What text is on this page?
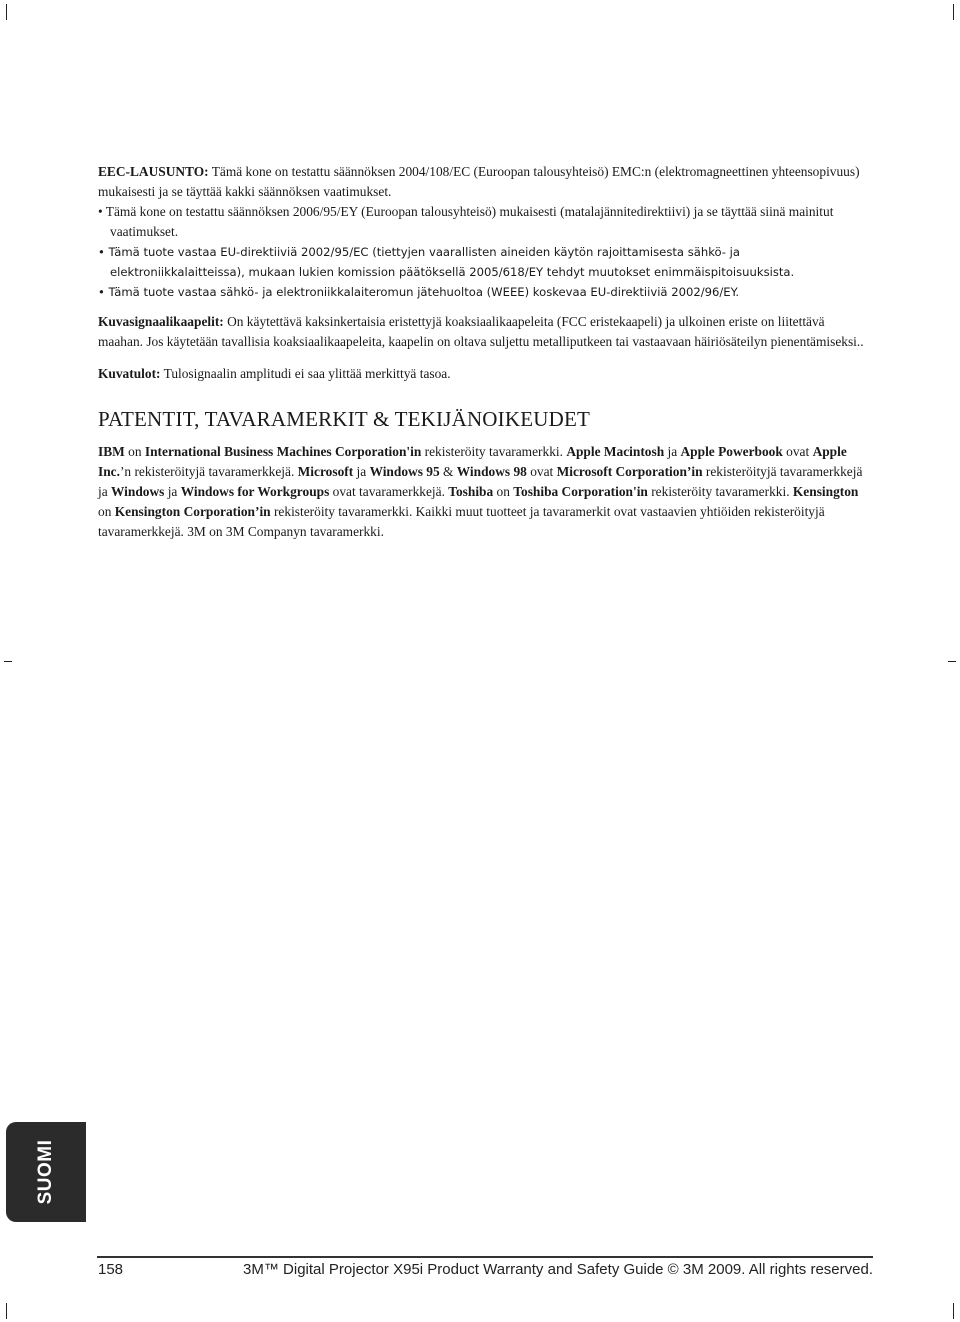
EEC-LAUSUNTO: Tämä kone on testattu säännöksen 2004/108/EC (Euroopan talousyhteisö) EMC:n (elektromagneettinen yhteensopivuus) mukaisesti ja se täyttää kakki säännöksen vaatimukset.

• Tämä kone on testattu säännöksen 2006/95/EY (Euroopan talousyhteisö) mukaisesti (matalajännitedirektiivi) ja se täyttää siinä mainitut vaatimukset.

• Tämä tuote vastaa EU-direktiiviä 2002/95/EC (tiettyjen vaarallisten aineiden käytön rajoittamisesta sähkö- ja elektroniikkalaitteissa), mukaan lukien komission päätöksellä 2005/618/EY tehdyt muutokset enimmäispitoisuuksista.

• Tämä tuote vastaa sähkö- ja elektroniikkalaiteromun jätehuoltoa (WEEE) koskevaa EU-direktiiviä 2002/96/EY.

Kuvasignaalikaapelit: On käytettävä kaksinkertaisia eristettyjä koaksiaalikaapeleita (FCC eristekaapeli) ja ulkoinen eriste on liitettävä maahan. Jos käytetään tavallisia koaksiaalikaapeleita, kaapelin on oltava suljettu metalliputkeen tai vastaavaan häiriösäteilyn pienentämiseksi..

Kuvatulot: Tulosignaalin amplitudi ei saa ylittää merkittyä tasoa.

PATENTIT, TAVARAMERKIT & TEKIJÄNOIKEUDET

IBM on International Business Machines Corporation'in rekisteröity tavaramerkki. Apple Macintosh ja Apple Powerbook ovat Apple Inc.’n rekisteröityjä tavaramerkkejä. Microsoft ja Windows 95 & Windows 98 ovat Microsoft Corporation’in rekisteröityjä tavaramerkkejä ja Windows ja Windows for Workgroups ovat tavaramerkkejä. Toshiba on Toshiba Corporation'in rekisteröity tavaramerkki. Kensington on Kensington Corporation’in rekisteröity tavaramerkki. Kaikki muut tuotteet ja tavaramerkit ovat vastaavien yhtiöiden rekisteröityjä tavaramerkkejä. 3M on 3M Companyn tavaramerkki.

SUOMI
158	3M™ Digital Projector X95i Product Warranty and Safety Guide © 3M 2009. All rights reserved.
